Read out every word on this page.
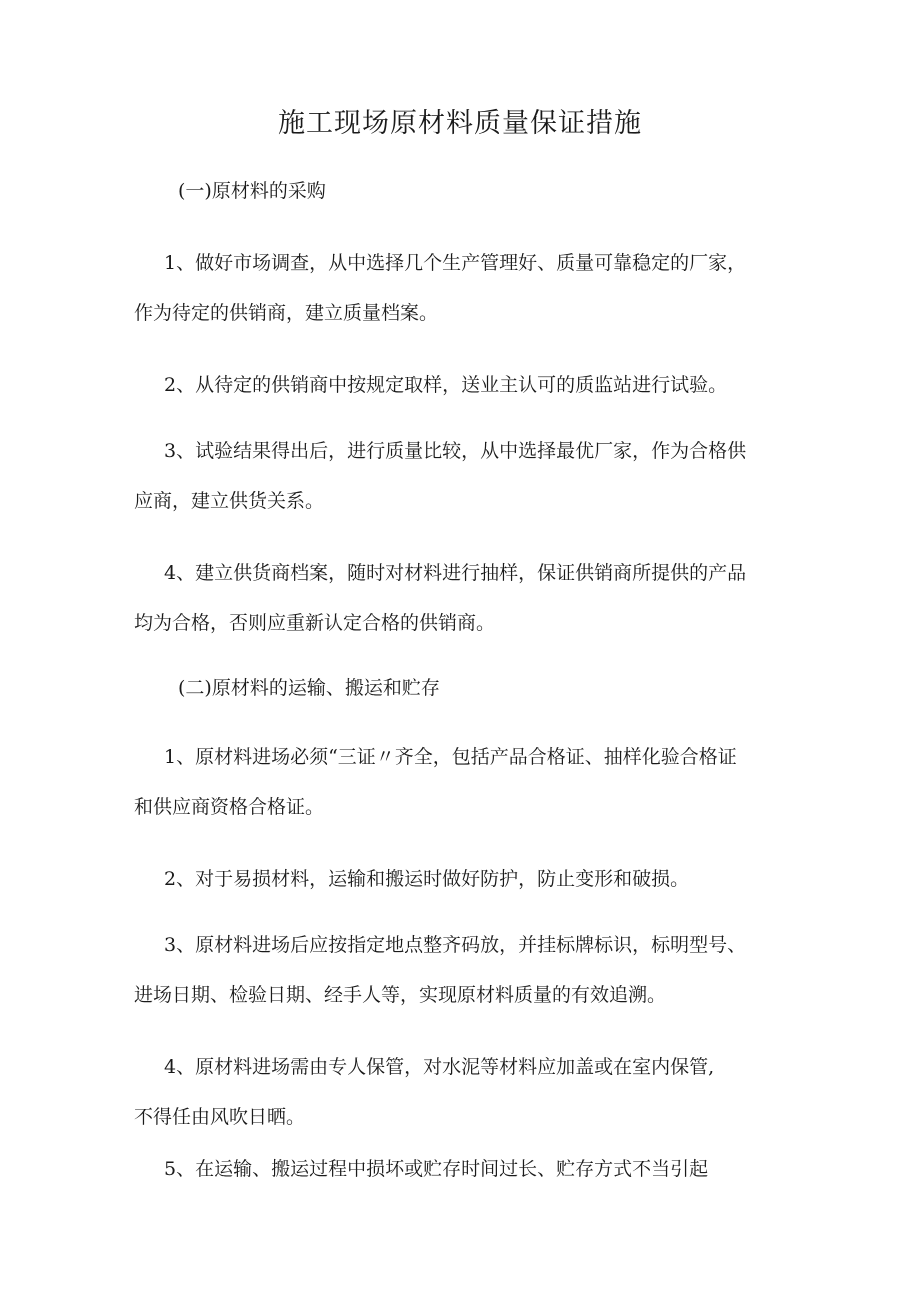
施工现场原材料质量保证措施

(一)原材料的采购

1、做好市场调查，从中选择几个生产管理好、质量可靠稳定的厂家，
作为待定的供销商，建立质量档案。
2、从待定的供销商中按规定取样，送业主认可的质监站进行试验。
3、试验结果得出后，进行质量比较，从中选择最优厂家，作为合格供
应商，建立供货关系。
4、建立供货商档案，随时对材料进行抽样，保证供销商所提供的产品
均为合格，否则应重新认定合格的供销商。

(二)原材料的运输、搬运和贮存

1、原材料进场必须“三证〃齐全，包括产品合格证、抽样化验合格证
和供应商资格合格证。
2、对于易损材料，运输和搬运时做好防护，防止变形和破损。
3、原材料进场后应按指定地点整齐码放，并挂标牌标识，标明型号、
进场日期、检验日期、经手人等，实现原材料质量的有效追溯。
4、原材料进场需由专人保管，对水泥等材料应加盖或在室内保管,
不得任由风吹日晒。
5、在运输、搬运过程中损坏或贮存时间过长、贮存方式不当引起
